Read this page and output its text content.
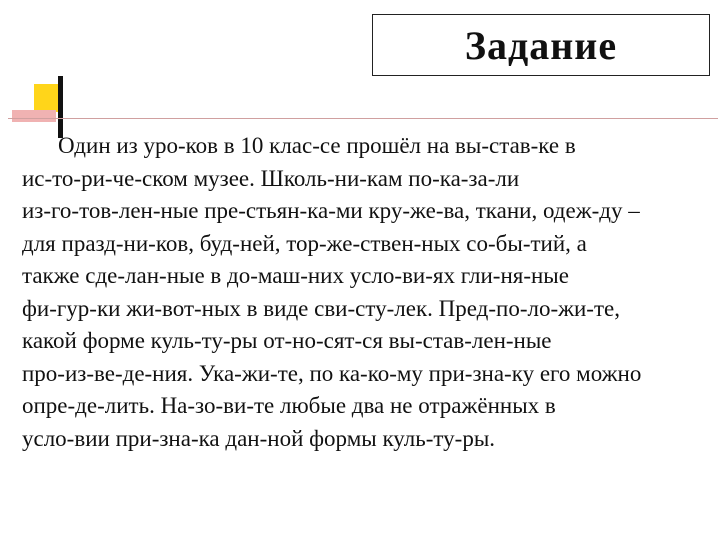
Задание
Один из уро-ков в 10 клас-се прошёл на вы-став-ке в
ис-то-ри-че-ском музее. Школь-ни-кам по-ка-за-ли
из-го-тов-лен-ные пре-стьян-ка-ми кру-же-ва, ткани, одеж-ду –
для празд-ни-ков, буд-ней, тор-же-ствен-ных со-бы-тий, а
также сде-лан-ные в до-маш-них усло-ви-ях гли-ня-ные
фи-гур-ки жи-вот-ных в виде сви-сту-лек. Пред-по-ло-жи-те,
какой форме куль-ту-ры от-но-сят-ся вы-став-лен-ные
про-из-ве-де-ния. Ука-жи-те, по ка-ко-му при-зна-ку его можно
опре-де-лить. На-зо-ви-те любые два не отражённых в
усло-вии при-зна-ка дан-ной формы куль-ту-ры.
